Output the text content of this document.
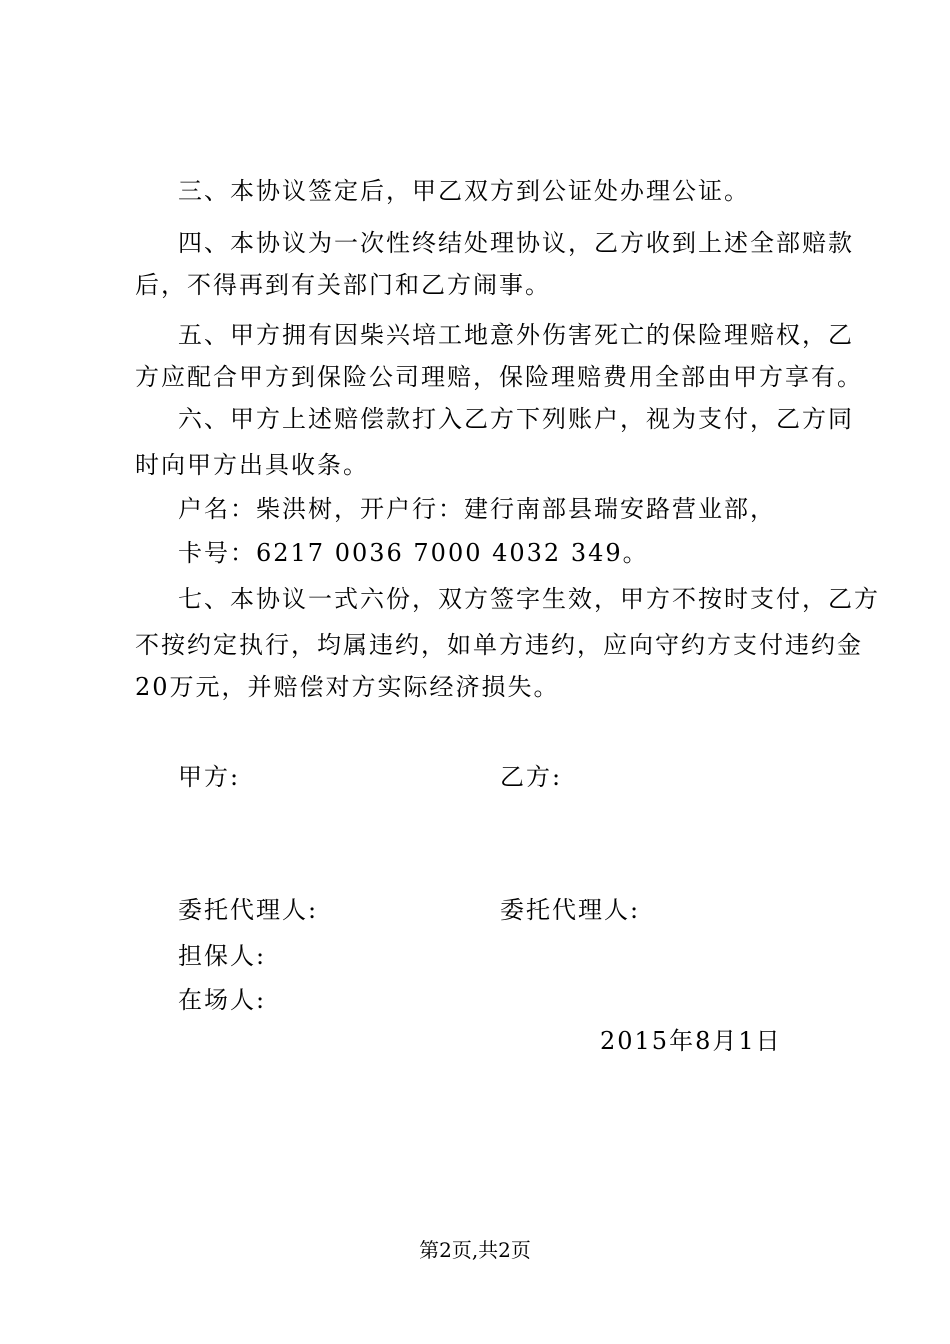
三、本协议签定后，甲乙双方到公证处办理公证。
四、本协议为一次性终结处理协议，乙方收到上述全部赔款
后，不得再到有关部门和乙方闹事。
五、甲方拥有因柴兴培工地意外伤害死亡的保险理赔权，乙
方应配合甲方到保险公司理赔，保险理赔费用全部由甲方享有。
六、甲方上述赔偿款打入乙方下列账户，视为支付，乙方同
时向甲方出具收条。
户名：柴洪树，开户行：建行南部县瑞安路营业部，
卡号：6217 0036 7000 4032 349。
七、本协议一式六份，双方签字生效，甲方不按时支付，乙方
不按约定执行，均属违约，如单方违约，应向守约方支付违约金
20万元，并赔偿对方实际经济损失。
甲方:	乙方:
委托代理人:	委托代理人:
担保人:
在场人:
2015年8月1日
第2页,共2页
